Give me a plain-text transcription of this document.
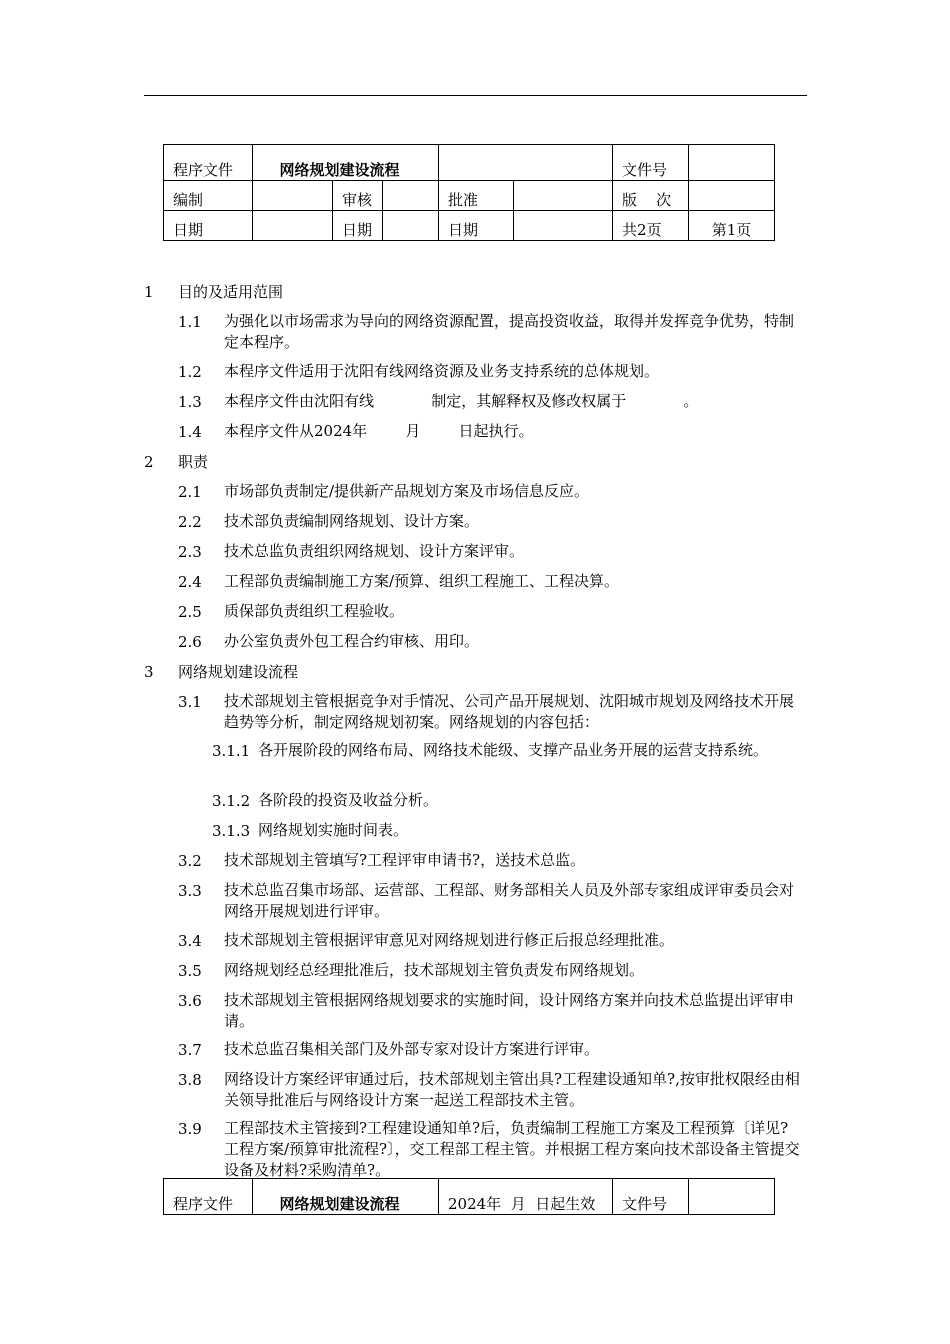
程序文件	网络规划建设流程					文件号	
编制		审核		批准		版    次	
日期		日期		日期		共2页	第1页
1 目的及适用范围
1.1 为强化以市场需求为导向的网络资源配置，提高投资收益，取得并发挥竞争优势，特制定本程序。
1.2 本程序文件适用于沈阳有线网络资源及业务支持系统的总体规划。
1.3 本程序文件由沈阳有线            制定，其解释权及修改权属于            。
1.4 本程序文件从2024年        月        日起执行。
2 职责
2.1 市场部负责制定/提供新产品规划方案及市场信息反应。
2.2 技术部负责编制网络规划、设计方案。
2.3 技术总监负责组织网络规划、设计方案评审。
2.4 工程部负责编制施工方案/预算、组织工程施工、工程决算。
2.5 质保部负责组织工程验收。
2.6 办公室负责外包工程合约审核、用印。
3 网络规划建设流程
3.1 技术部规划主管根据竞争对手情况、公司产品开展规划、沈阳城市规划及网络技术开展趋势等分析，制定网络规划初案。网络规划的内容包括：
3.1.1 各开展阶段的网络布局、网络技术能级、支撑产品业务开展的运营支持系统。
3.1.2 各阶段的投资及收益分析。
3.1.3 网络规划实施时间表。
3.2 技术部规划主管填写?工程评审申请书?，送技术总监。
3.3 技术总监召集市场部、运营部、工程部、财务部相关人员及外部专家组成评审委员会对网络开展规划进行评审。
3.4 技术部规划主管根据评审意见对网络规划进行修正后报总经理批准。
3.5 网络规划经总经理批准后，技术部规划主管负责发布网络规划。
3.6 技术部规划主管根据网络规划要求的实施时间，设计网络方案并向技术总监提出评审申请。
3.7 技术总监召集相关部门及外部专家对设计方案进行评审。
3.8 网络设计方案经评审通过后，技术部规划主管出具?工程建设通知单?,按审批权限经由相关领导批准后与网络设计方案一起送工程部技术主管。
3.9 工程部技术主管接到?工程建设通知单?后，负责编制工程施工方案及工程预算〔详见?工程方案/预算审批流程?〕，交工程部工程主管。并根据工程方案向技术部设备主管提交设备及材料?采购清单?。
程序文件	网络规划建设流程	2024年  月  日起生效	文件号	
